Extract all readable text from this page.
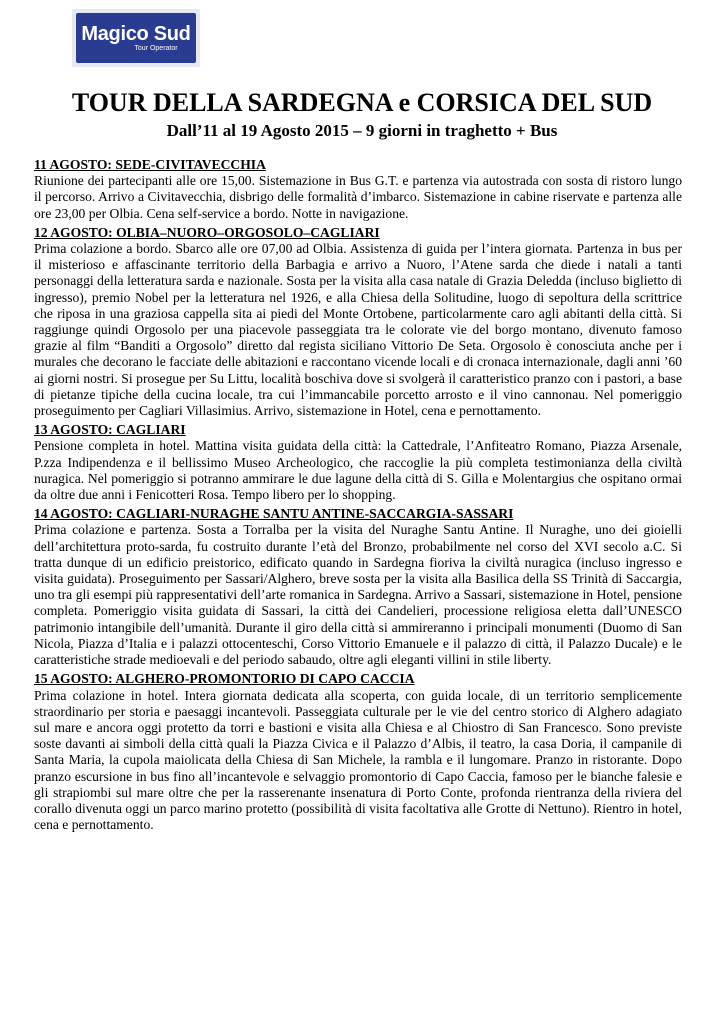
Magico Sud
Tour Operator
TOUR DELLA SARDEGNA e CORSICA DEL SUD
Dall’11 al 19 Agosto 2015 – 9 giorni in traghetto + Bus

11 AGOSTO: SEDE-CIVITAVECCHIA

Riunione dei partecipanti alle ore 15,00. Sistemazione in Bus G.T. e partenza via autostrada con sosta di ristoro lungo il percorso. Arrivo a Civitavecchia, disbrigo delle formalità d’imbarco. Sistemazione in cabine riservate e partenza alle ore 23,00 per Olbia. Cena self-service a bordo. Notte in navigazione.

12 AGOSTO: OLBIA–NUORO–ORGOSOLO–CAGLIARI

Prima colazione a bordo. Sbarco alle ore 07,00 ad Olbia. Assistenza di guida per l’intera giornata. Partenza in bus per il misterioso e affascinante territorio della Barbagia e arrivo a Nuoro, l’Atene sarda che diede i natali a tanti personaggi della letteratura sarda e nazionale. Sosta per la visita alla casa natale di Grazia Deledda (incluso biglietto di ingresso), premio Nobel per la letteratura nel 1926, e alla Chiesa della Solitudine, luogo di sepoltura della scrittrice che riposa in una graziosa cappella sita ai piedi del Monte Ortobene, particolarmente caro agli abitanti della città. Si raggiunge quindi Orgosolo per una piacevole passeggiata tra le colorate vie del borgo montano, divenuto famoso grazie al film “Banditi a Orgosolo” diretto dal regista siciliano Vittorio De Seta. Orgosolo è conosciuta anche per i murales che decorano le facciate delle abitazioni e raccontano vicende locali e di cronaca internazionale, dagli anni ’60 ai giorni nostri. Si prosegue per Su Littu, località boschiva dove si svolgerà il caratteristico pranzo con i pastori, a base di pietanze tipiche della cucina locale, tra cui l’immancabile porcetto arrosto e il vino cannonau. Nel pomeriggio proseguimento per Cagliari Villasimius. Arrivo, sistemazione in Hotel, cena e pernottamento.

13 AGOSTO: CAGLIARI

Pensione completa in hotel. Mattina visita guidata della città: la Cattedrale, l’Anfiteatro Romano, Piazza Arsenale, P.zza Indipendenza e il bellissimo Museo Archeologico, che raccoglie la più completa testimonianza della civiltà nuragica. Nel pomeriggio si potranno ammirare le due lagune della città di S. Gilla e Molentargius che ospitano ormai da oltre due anni i Fenicotteri Rosa. Tempo libero per lo shopping.

14 AGOSTO: CAGLIARI-NURAGHE SANTU ANTINE-SACCARGIA-SASSARI

Prima colazione e partenza. Sosta a Torralba per la visita del Nuraghe Santu Antine. Il Nuraghe, uno dei gioielli dell’architettura proto-sarda, fu costruito durante l’età del Bronzo, probabilmente nel corso del XVI secolo a.C. Si tratta dunque di un edificio preistorico, edificato quando in Sardegna fioriva la civiltà nuragica (incluso ingresso e visita guidata). Proseguimento per Sassari/Alghero, breve sosta per la visita alla Basilica della SS Trinità di Saccargia, uno tra gli esempi più rappresentativi dell’arte romanica in Sardegna. Arrivo a Sassari, sistemazione in Hotel, pensione completa. Pomeriggio visita guidata di Sassari, la città dei Candelieri, processione religiosa eletta dall’UNESCO patrimonio intangibile dell’umanità. Durante il giro della città si ammireranno i principali monumenti (Duomo di San Nicola, Piazza d’Italia e i palazzi ottocenteschi, Corso Vittorio Emanuele e il palazzo di città, il Palazzo Ducale) e le caratteristiche strade medioevali e del periodo sabaudo, oltre agli eleganti villini in stile liberty.

15 AGOSTO: ALGHERO-PROMONTORIO DI CAPO CACCIA

Prima colazione in hotel. Intera giornata dedicata alla scoperta, con guida locale, di un territorio semplicemente straordinario per storia e paesaggi incantevoli. Passeggiata culturale per le vie del centro storico di Alghero adagiato sul mare e ancora oggi protetto da torri e bastioni e visita alla Chiesa e al Chiostro di San Francesco. Sono previste soste davanti ai simboli della città quali la Piazza Civica e il Palazzo d’Albis, il teatro, la casa Doria, il campanile di Santa Maria, la cupola maiolicata della Chiesa di San Michele, la rambla e il lungomare. Pranzo in ristorante. Dopo pranzo escursione in bus fino all’incantevole e selvaggio promontorio di Capo Caccia, famoso per le bianche falesie e gli strapiombi sul mare oltre che per la rasserenante insenatura di Porto Conte, profonda rientranza della riviera del corallo divenuta oggi un parco marino protetto (possibilità di visita facoltativa alle Grotte di Nettuno). Rientro in hotel, cena e pernottamento.
